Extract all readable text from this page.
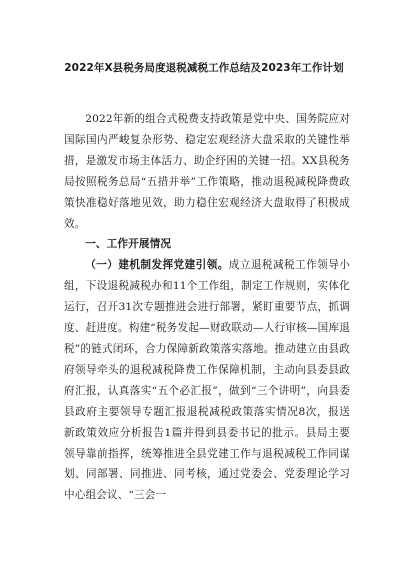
2022年X县税务局度退税减税工作总结及2023年工作计划

2022年新的组合式税费支持政策是党中央、国务院应对国际国内严峻复杂形势、稳定宏观经济大盘采取的关键性举措，是激发市场主体活力、助企纾困的关键一招。XX县税务局按照税务总局“五措并举”工作策略，推动退税减税降费政策快准稳好落地见效，助力稳住宏观经济大盘取得了积极成效。

一、工作开展情况

（一）建机制发挥党建引领。成立退税减税工作领导小组，下设退税减税办和11个工作组，制定工作规则，实体化运行，召开31次专题推进会进行部署，紧盯重要节点，抓调度、赶进度。构建“税务发起—财政联动—人行审核—国库退税”的链式闭环，合力保障新政策落实落地。推动建立由县政府领导牵头的退税减税降费工作保障机制，主动向县委县政府汇报，认真落实“五个必汇报”，做到“三个讲明”，向县委县政府主要领导专题汇报退税减税政策落实情况8次，报送新政策效应分析报告1篇并得到县委书记的批示。县局主要领导靠前指挥，统筹推进全县党建工作与退税减税工作同谋划、同部署、同推进、同考核，通过党委会、党委理论学习中心组会议、“三会一
